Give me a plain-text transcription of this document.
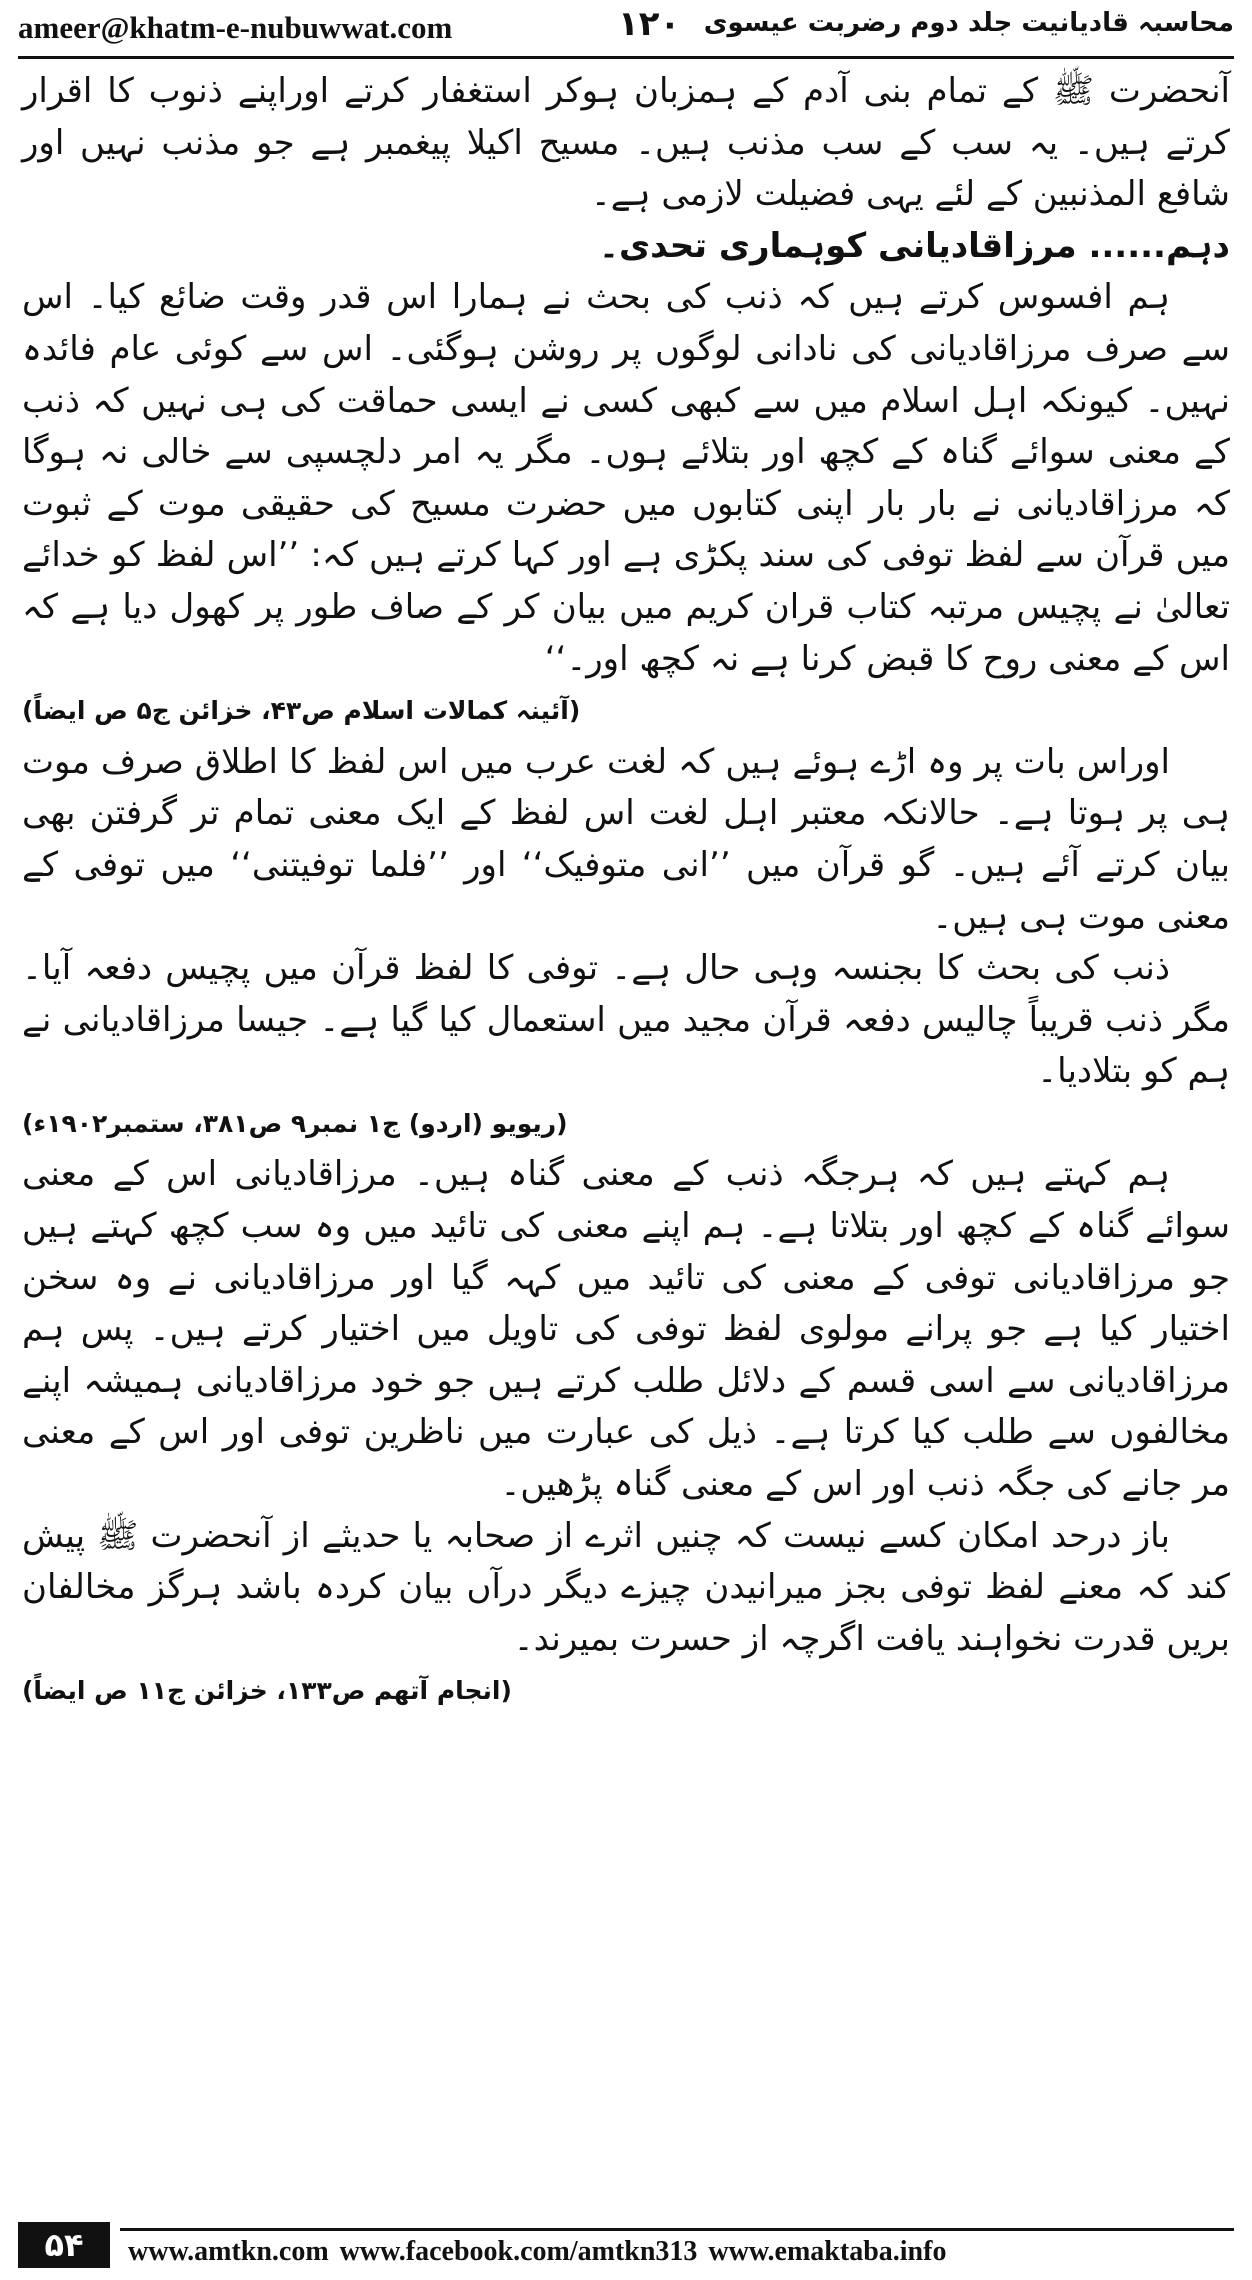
ameer@khatm-e-nubuwwat.com	۱۲۰ محاسبہ قادیانیت جلد دوم رضربت عیسوی

آنحضرت ﷺ کے تمام بنی آدم کے ہمزبان ہوکر استغفار کرتے اوراپنے ذنوب کا اقرار کرتے ہیں۔ یہ سب کے سب مذنب ہیں۔ مسیح اکیلا پیغمبر ہے جو مذنب نہیں اور شافع المذنبین کے لئے یہی فضیلت لازمی ہے۔

دہم...... مرزاقادیانی کوہماری تحدی۔

ہم افسوس کرتے ہیں کہ ذنب کی بحث نے ہمارا اس قدر وقت ضائع کیا۔ اس سے صرف مرزاقادیانی کی نادانی لوگوں پر روشن ہوگئی۔ اس سے کوئی عام فائدہ نہیں۔ کیونکہ اہل اسلام میں سے کبھی کسی نے ایسی حماقت کی ہی نہیں کہ ذنب کے معنی سوائے گناہ کے کچھ اور بتلائے ہوں۔ مگر یہ امر دلچسپی سے خالی نہ ہوگا کہ مرزاقادیانی نے بار بار اپنی کتابوں میں حضرت مسیح کی حقیقی موت کے ثبوت میں قرآن سے لفظ توفی کی سند پکڑی ہے اور کہا کرتے ہیں کہ: ’’اس لفظ کو خدائے تعالیٰ نے پچیس مرتبہ کتاب قران کریم میں بیان کر کے صاف طور پر کھول دیا ہے کہ اس کے معنی روح کا قبض کرنا ہے نہ کچھ اور۔‘‘

(آئینہ کمالات اسلام ص۴۳، خزائن ج۵ ص ایضاً)

اوراس بات پر وہ اڑے ہوئے ہیں کہ لغت عرب میں اس لفظ کا اطلاق صرف موت ہی پر ہوتا ہے۔ حالانکہ معتبر اہل لغت اس لفظ کے ایک معنی تمام تر گرفتن بھی بیان کرتے آئے ہیں۔ گو قرآن میں ’’انی متوفیک‘‘ اور ’’فلما توفیتنی‘‘ میں توفی کے معنی موت ہی ہیں۔

ذنب کی بحث کا بجنسہ وہی حال ہے۔ توفی کا لفظ قرآن میں پچیس دفعہ آیا۔ مگر ذنب قریباً چالیس دفعہ قرآن مجید میں استعمال کیا گیا ہے۔ جیسا مرزاقادیانی نے ہم کو بتلادیا۔

(ریویو (اردو) ج۱ نمبر۹ ص۳۸۱، ستمبر۱۹۰۲ء)

ہم کہتے ہیں کہ ہرجگہ ذنب کے معنی گناہ ہیں۔ مرزاقادیانی اس کے معنی سوائے گناہ کے کچھ اور بتلاتا ہے۔ ہم اپنے معنی کی تائید میں وہ سب کچھ کہتے ہیں جو مرزاقادیانی توفی کے معنی کی تائید میں کہہ گیا اور مرزاقادیانی نے وہ سخن اختیار کیا ہے جو پرانے مولوی لفظ توفی کی تاویل میں اختیار کرتے ہیں۔ پس ہم مرزاقادیانی سے اسی قسم کے دلائل طلب کرتے ہیں جو خود مرزاقادیانی ہمیشہ اپنے مخالفوں سے طلب کیا کرتا ہے۔ ذیل کی عبارت میں ناظرین توفی اور اس کے معنی مر جانے کی جگہ ذنب اور اس کے معنی گناہ پڑھیں۔

باز درحد امکان کسے نیست کہ چنیں اثرے از صحابہ یا حدیثے از آنحضرت ﷺ پیش کند کہ معنے لفظ توفی بجز میرانیدن چیزے دیگر درآں بیان کردہ باشد ہرگز مخالفان بریں قدرت نخواہند یافت اگرچہ از حسرت بمیرند۔

(انجام آتھم ص۱۳۳، خزائن ج۱۱ ص ایضاً)
۵۴	www.amtkn.com www.facebook.com/amtkn313 www.emaktaba.info
